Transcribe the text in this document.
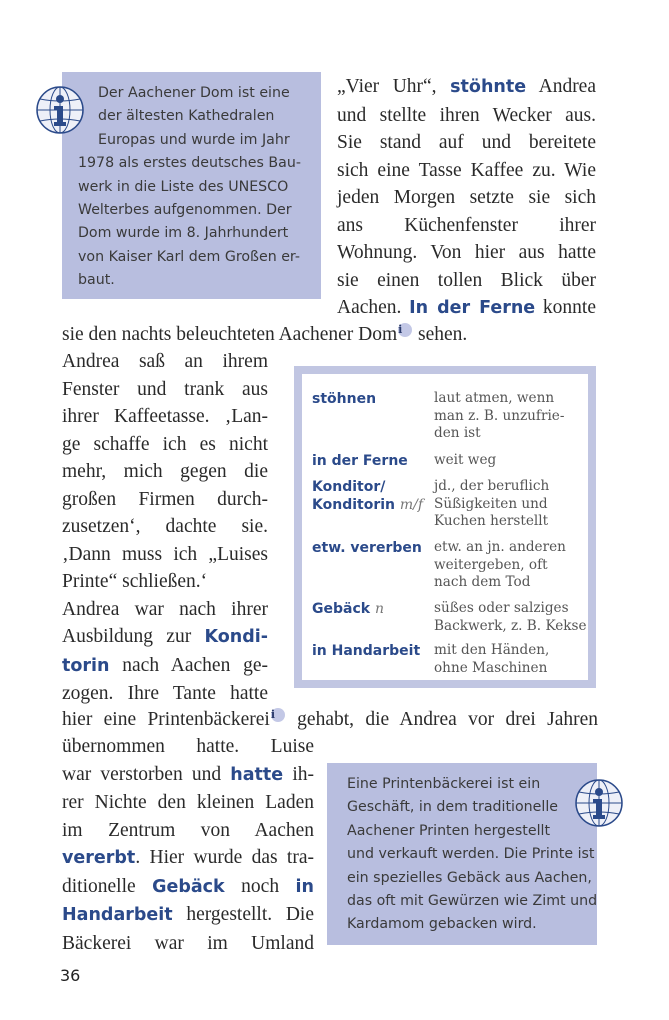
Der Aachener Dom ist eine
der ältesten Kathedralen
Europas und wurde im Jahr
1978 als erstes deutsches Bau-
werk in die Liste des UNESCO
Welterbes aufgenommen. Der
Dom wurde im 8. Jahrhundert
von Kaiser Karl dem Großen er-
baut.
„Vier Uhr“, stöhnte Andrea
und stellte ihren Wecker aus.
Sie stand auf und bereitete
sich eine Tasse Kaffee zu. Wie
jeden Morgen setzte sie sich
ans Küchenfenster ihrer
Wohnung. Von hier aus hatte
sie einen tollen Blick über
Aachen. In der Ferne konnte
sie den nachts beleuchteten Aachener Domi sehen.
Andrea saß an ihrem
Fenster und trank aus
ihrer Kaffeetasse. ‚Lan-
ge schaffe ich es nicht
mehr, mich gegen die
großen Firmen durch-
zusetzen‘, dachte sie.
‚Dann muss ich „Luises
Printe“ schließen.‘
Andrea war nach ihrer
Ausbildung zur Kondi-
torin nach Aachen ge-
zogen. Ihre Tante hatte
stöhnen	laut atmen, wenn
man z. B. unzufrie-
den ist
in der Ferne weit weg
Konditor/
Konditorin m/f
jd., der beruflich
Süßigkeiten und
Kuchen herstellt
etw. vererben etw. an jn. anderen
weitergeben, oft
nach dem Tod
Gebäck n	süßes oder salziges
Backwerk, z. B. Kekse
in Handarbeit mit den Händen,
ohne Maschinen
hier eine Printenbäckereii gehabt, die Andrea vor drei Jahren
übernommen hatte. Luise
war verstorben und hatte ih-
rer Nichte den kleinen Laden
im Zentrum von Aachen
vererbt. Hier wurde das tra-
ditionelle Gebäck noch in
Handarbeit hergestellt. Die
Bäckerei war im Umland
Eine Printenbäckerei ist ein
Geschäft, in dem traditionelle
Aachener Printen hergestellt
und verkauft werden. Die Printe ist
ein spezielles Gebäck aus Aachen,
das oft mit Gewürzen wie Zimt und
Kardamom gebacken wird.
36
